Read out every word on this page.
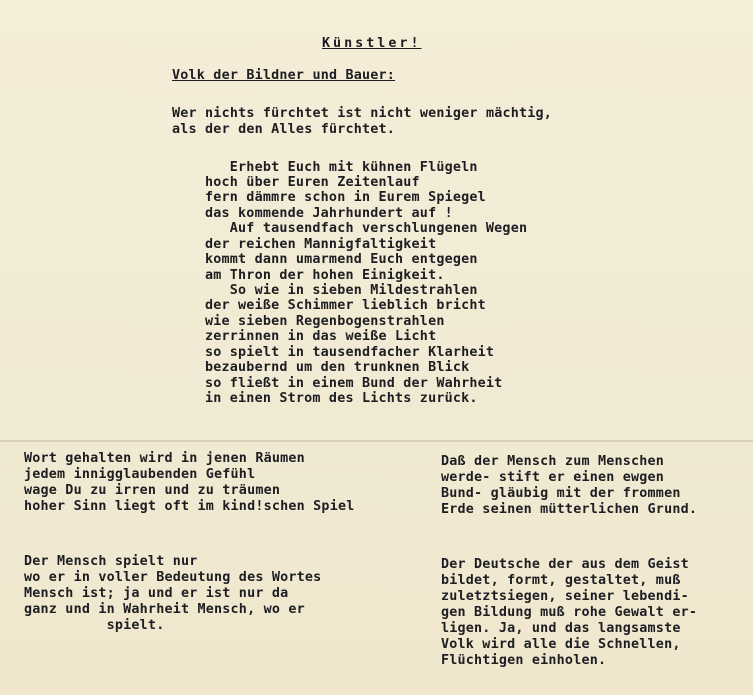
Künstler!
Volk der Bildner und Bauer:
Wer nichts fürchtet ist nicht weniger mächtig,
als der den Alles fürchtet.
Erhebt Euch mit kühnen Flügeln
hoch über Euren Zeitenlauf
fern dämmre schon in Eurem Spiegel
das kommende Jahrhundert auf !
Auf tausendfach verschlungenen Wegen
der reichen Mannigfaltigkeit
kommt dann umarmend Euch entgegen
am Thron der hohen Einigkeit.
So wie in sieben Mildestrahlen
der weiße Schimmer lieblich bricht
wie sieben Regenbogenstrahlen
zerrinnen in das weiße Licht
so spielt in tausendfacher Klarheit
bezaubernd um den trunknen Blick
so fließt in einem Bund der Wahrheit
in einen Strom des Lichts zurück.
Wort gehalten wird in jenen Räumen
jedem innigglaubenden Gefühl
wage Du zu irren und zu träumen
hoher Sinn liegt oft im kind!schen Spiel
Daß der Mensch zum Menschen
werde- stift er einen ewgen
Bund- gläubig mit der frommen
Erde seinen mütterlichen Grund.
Der Mensch spielt nur
wo er in voller Bedeutung des Wortes
Mensch ist; ja und er ist nur da
ganz und in Wahrheit Mensch, wo er
spielt.
Der Deutsche der aus dem Geist
bildet, formt, gestaltet, muß
zuletztsiegen, seiner lebendi-
gen Bildung muß rohe Gewalt er-
ligen. Ja, und das langsamste
Volk wird alle die Schnellen,
Flüchtigen einholen.
